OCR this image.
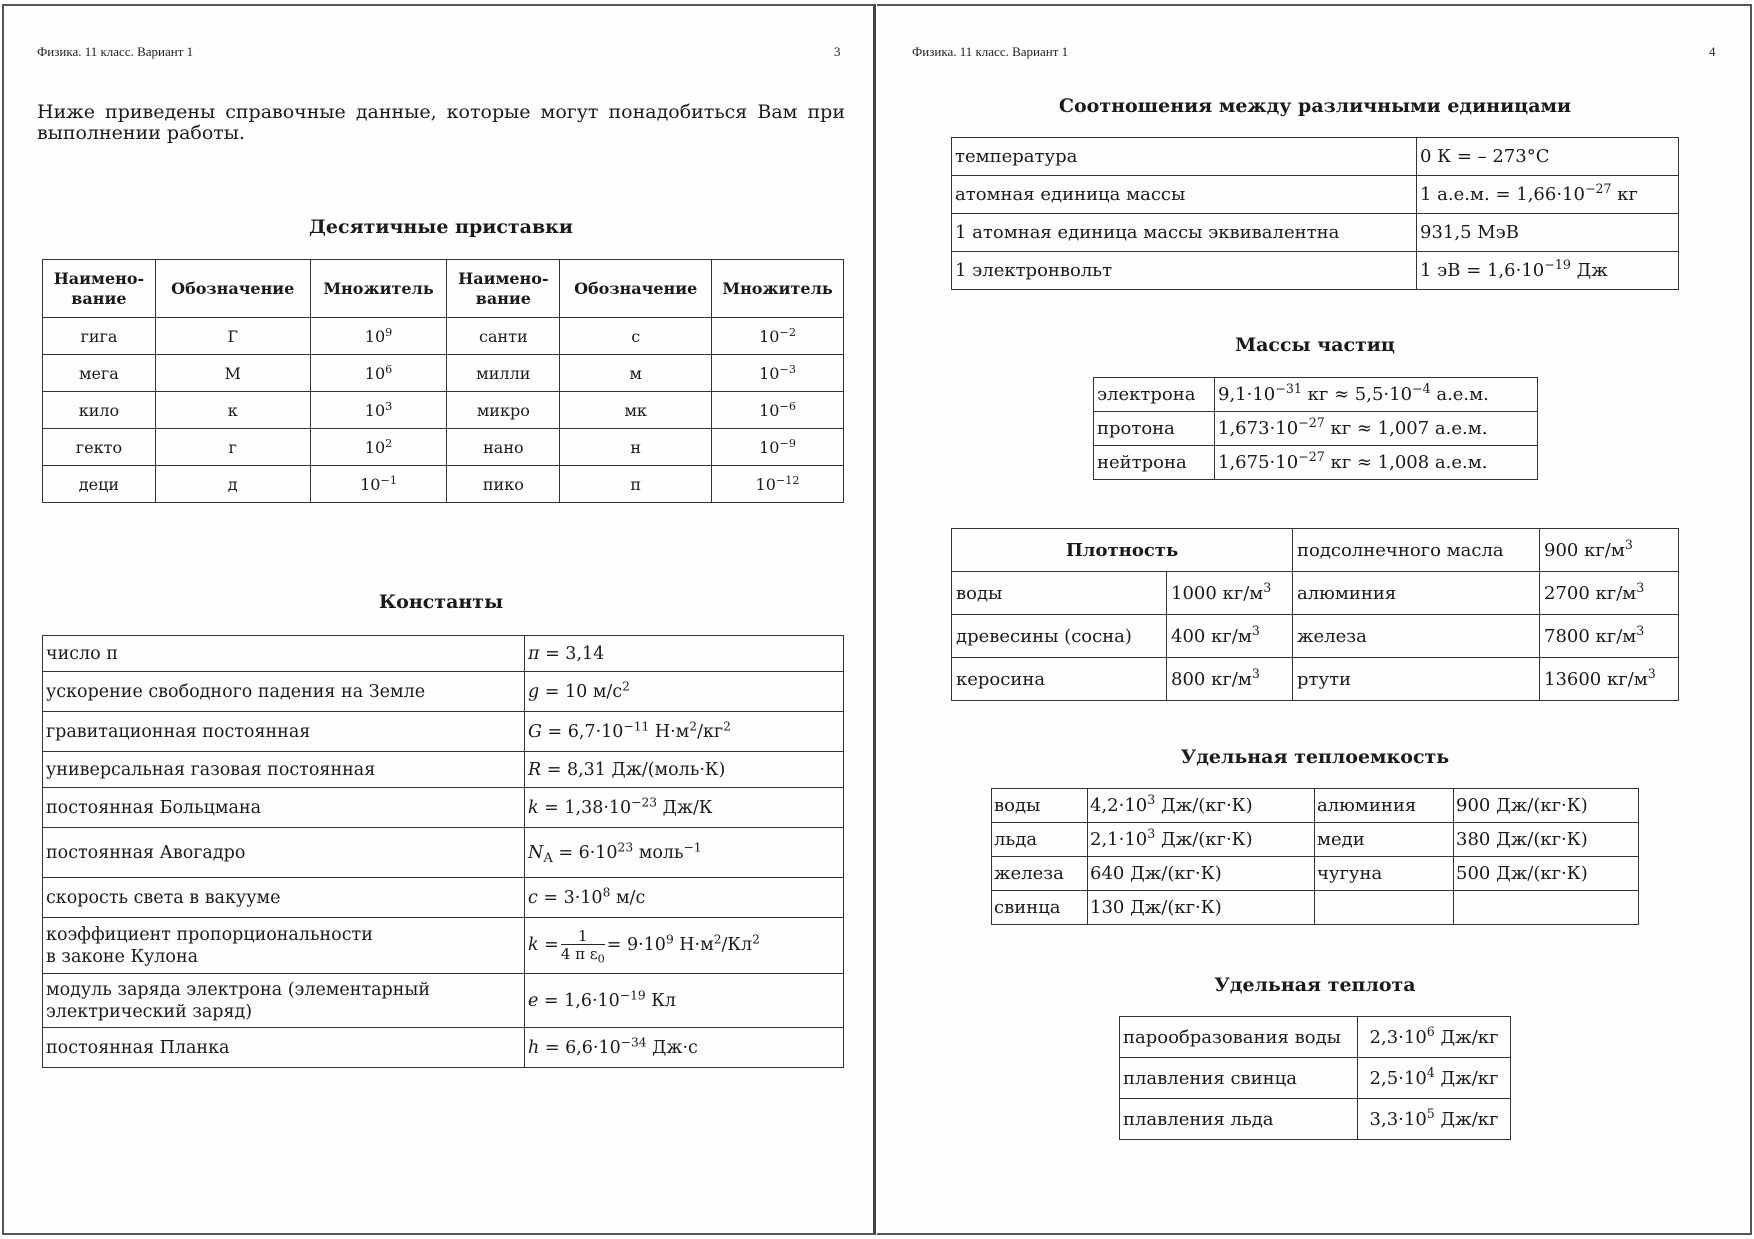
Физика. 11 класс. Вариант 1	3
Ниже приведены справочные данные, которые могут понадобиться Вам при выполнении работы.
Десятичные приставки
Наимено-вание	Обозначение	Множитель	Наимено-вание	Обозначение	Множитель
гига	Г	$10^9$	санти	с	$10^{-2}$
мега	М	$10^6$	милли	м	$10^{-3}$
кило	к	$10^3$	микро	мк	$10^{-6}$
гекто	г	$10^2$	нано	н	$10^{-9}$
деци	д	$10^{-1}$	пико	п	$10^{-12}$
Константы
число π	π = 3,14
ускорение свободного падения на Земле	g = 10 $м/с^2$
гравитационная постоянная	$G = 6,7\cdot 10^{-11}$ $Н\cdot м^2/кг^2$
универсальная газовая постоянная	R = 8,31 Дж/(моль·К)
постоянная Больцмана	$k = 1,38\cdot 10^{-23}$ Дж/К
постоянная Авогадро	$N_A = 6\cdot 10^{23}$ моль$^{-1}$
скорость света в вакууме	$c = 3\cdot 10^8$ м/с

коэффициент пропорциональности
в законе Кулона
	$k = \frac{1}{4 \pi \varepsilon_0} = 9\cdot 10^9$ $Н\cdot м^2/Кл^2$

модуль заряда электрона (элементарный
электрический заряд)	$e = 1,6\cdot 10^{-19}$ Кл
постоянная Планка	$h = 6,6\cdot 10^{-34}$ Дж·с
Физика. 11 класс. Вариант 1	4
Соотношения между различными единицами
температура	0 К = – 273°С
атомная единица массы	1 а.е.м. = $1,66\cdot 10^{-27}$ кг
1 атомная единица массы эквивалентна	931,5 МэВ
1 электронвольт	1 эВ = $1,6\cdot 10^{-19}$ Дж
Массы частиц
электрона	$9,1\cdot 10^{-31}$ кг ≈ $5,5\cdot 10^{-4}$ а.е.м.
протона	$1,673\cdot 10^{-27}$ кг ≈ 1,007 а.е.м.
нейтрона	$1,675\cdot 10^{-27}$ кг ≈ 1,008 а.е.м.
Плотность		подсолнечного масла	900 $кг/м^3$
воды	1000 $кг/м^3$	алюминия	2700 $кг/м^3$
древесины (сосна)	400 $кг/м^3$	железа	7800 $кг/м^3$
керосина	800 $кг/м^3$	ртути	13600 $кг/м^3$
Удельная теплоемкость
воды	$4,2\cdot 10^3$ Дж/(кг·К)	алюминия	900 Дж/(кг·К)
льда	$2,1\cdot 10^3$ Дж/(кг·К)	меди	380 Дж/(кг·К)
железа	640 Дж/(кг·К)	чугуна	500 Дж/(кг·К)
свинца	130 Дж/(кг·К)		
Удельная теплота
парообразования воды	$2,3\cdot 10^6$ Дж/кг
плавления свинца	$2,5\cdot 10^4$ Дж/кг
плавления льда	$3,3\cdot 10^5$ Дж/кг
